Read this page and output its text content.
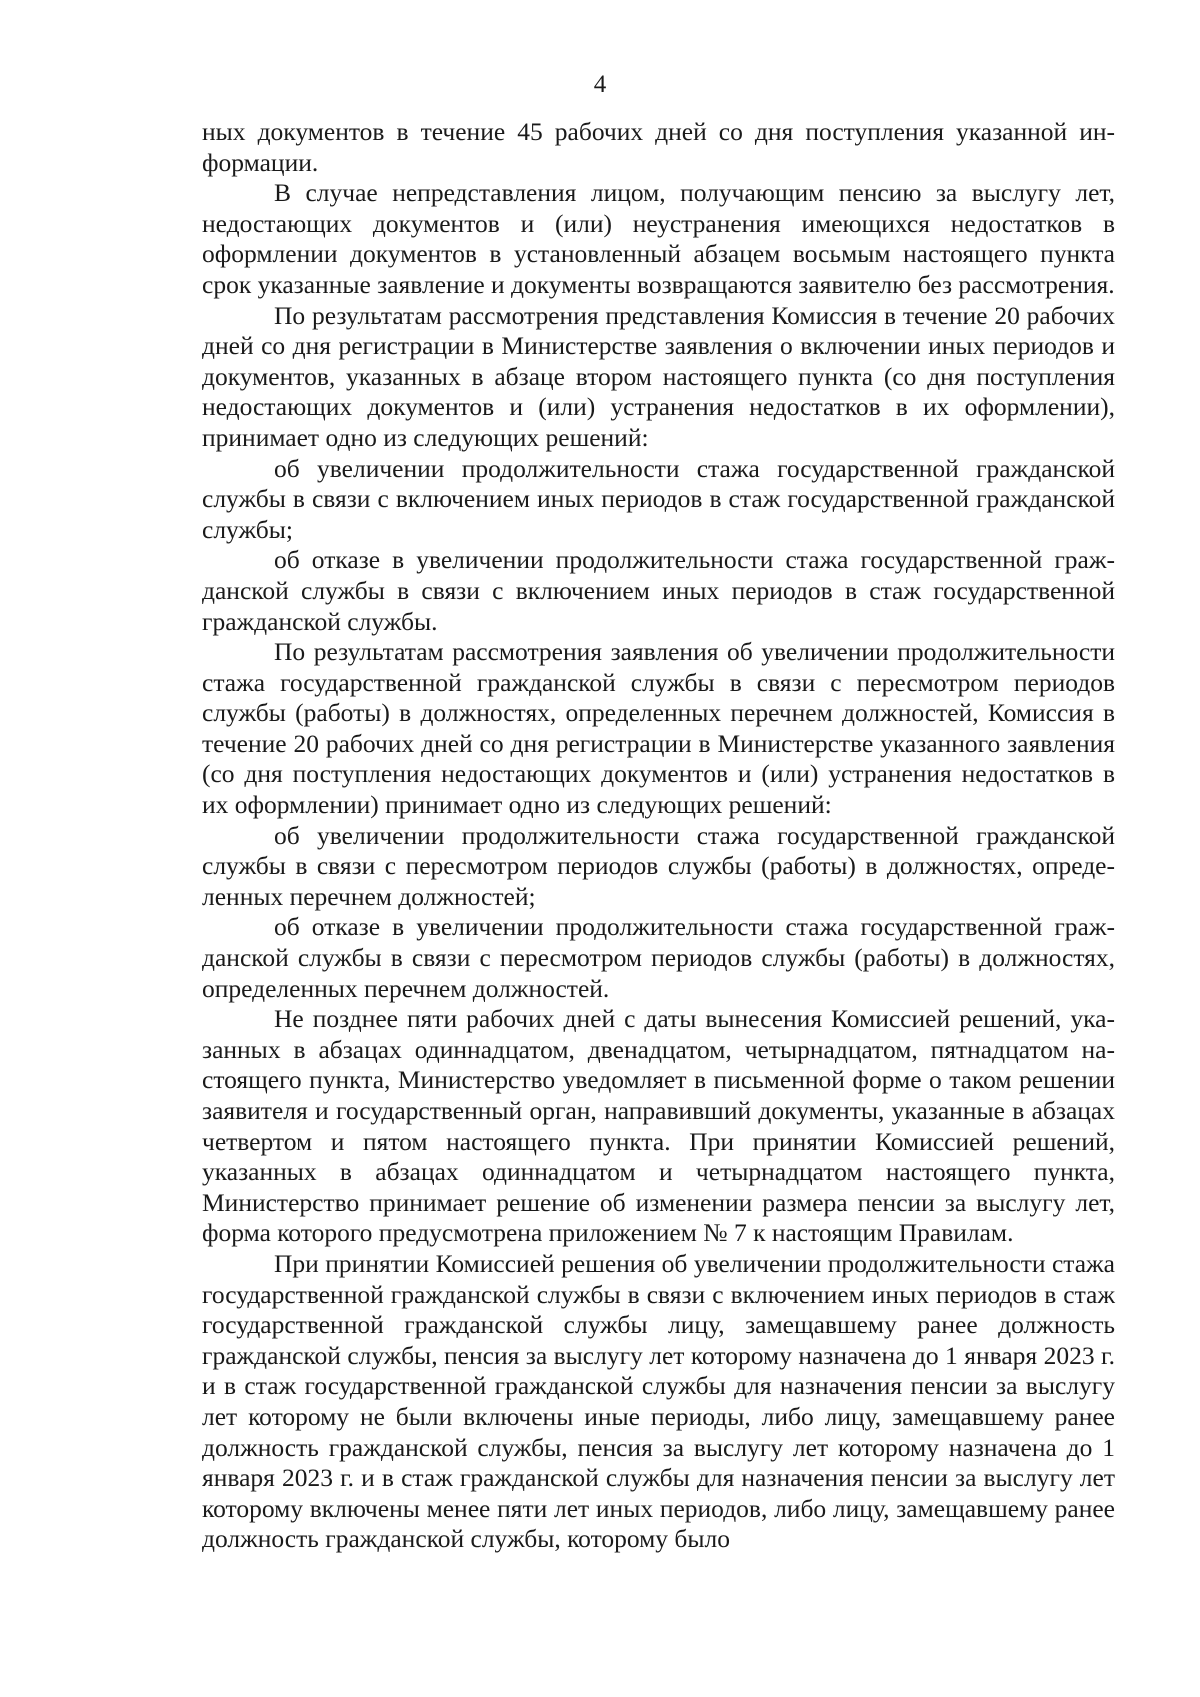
4

ных документов в течение 45 рабочих дней со дня поступления указанной информации.

В случае непредставления лицом, получающим пенсию за выслугу лет, недостающих документов и (или) неустранения имеющихся недостатков в оформлении документов в установленный абзацем восьмым настоящего пункта срок указанные заявление и документы возвращаются заявителю без рассмотрения.

По результатам рассмотрения представления Комиссия в течение 20 рабочих дней со дня регистрации в Министерстве заявления о включении иных периодов и документов, указанных в абзаце втором настоящего пункта (со дня поступления недостающих документов и (или) устранения недостатков в их оформлении), принимает одно из следующих решений:

об увеличении продолжительности стажа государственной гражданской службы в связи с включением иных периодов в стаж государственной гражданской службы;

об отказе в увеличении продолжительности стажа государственной гражданской службы в связи с включением иных периодов в стаж государственной гражданской службы.

По результатам рассмотрения заявления об увеличении продолжительности стажа государственной гражданской службы в связи с пересмотром периодов службы (работы) в должностях, определенных перечнем должностей, Комиссия в течение 20 рабочих дней со дня регистрации в Министерстве указанного заявления (со дня поступления недостающих документов и (или) устранения недостатков в их оформлении) принимает одно из следующих решений:

об увеличении продолжительности стажа государственной гражданской службы в связи с пересмотром периодов службы (работы) в должностях, определенных перечнем должностей;

об отказе в увеличении продолжительности стажа государственной гражданской службы в связи с пересмотром периодов службы (работы) в должностях, определенных перечнем должностей.

Не позднее пяти рабочих дней с даты вынесения Комиссией решений, указанных в абзацах одиннадцатом, двенадцатом, четырнадцатом, пятнадцатом настоящего пункта, Министерство уведомляет в письменной форме о таком решении заявителя и государственный орган, направивший документы, указанные в абзацах четвертом и пятом настоящего пункта. При принятии Комиссией решений, указанных в абзацах одиннадцатом и четырнадцатом настоящего пункта, Министерство принимает решение об изменении размера пенсии за выслугу лет, форма которого предусмотрена приложением № 7 к настоящим Правилам.

При принятии Комиссией решения об увеличении продолжительности стажа государственной гражданской службы в связи с включением иных периодов в стаж государственной гражданской службы лицу, замещавшему ранее должность гражданской службы, пенсия за выслугу лет которому назначена до 1 января 2023 г. и в стаж государственной гражданской службы для назначения пенсии за выслугу лет которому не были включены иные периоды, либо лицу, замещавшему ранее должность гражданской службы, пенсия за выслугу лет которому назначена до 1 января 2023 г. и в стаж гражданской службы для назначения пенсии за выслугу лет которому включены менее пяти лет иных периодов, либо лицу, замещавшему ранее должность гражданской службы, которому было
